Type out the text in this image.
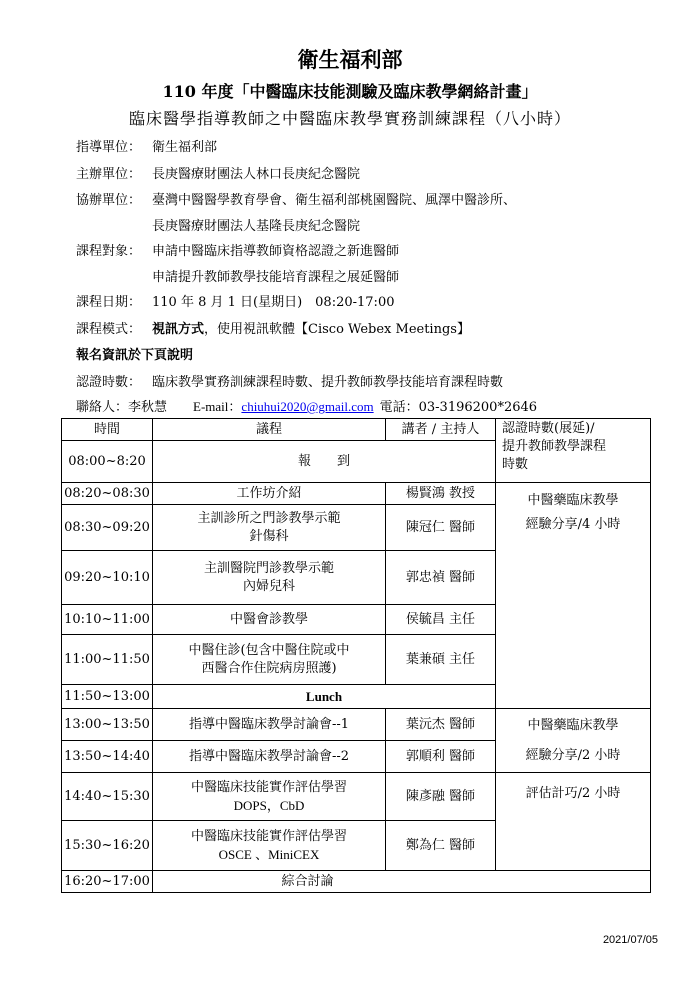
衛生福利部
110 年度「中醫臨床技能測驗及臨床教學網絡計畫」
臨床醫學指導教師之中醫臨床教學實務訓練課程（八小時）
指導單位： 衛生福利部
主辦單位： 長庚醫療財團法人林口長庚紀念醫院
協辦單位： 臺灣中醫醫學教育學會、衛生福利部桃園醫院、風澤中醫診所、
長庚醫療財團法人基隆長庚紀念醫院
課程對象： 申請中醫臨床指導教師資格認證之新進醫師
申請提升教師教學技能培育課程之展延醫師
課程日期： 110 年 8 月 1 日(星期日)　08:20-17:00
課程模式： 視訊方式，使用視訊軟體【Cisco Webex Meetings】
報名資訊於下頁說明
認證時數： 臨床教學實務訓練課程時數、提升教師教學技能培育課程時數
聯絡人：李秋慧 E-mail：chiuhui2020@gmail.com 電話：03-3196200*2646
時間	議程	講者 / 主持人	認證時數(展延)/
提升教師教學課程
時數	

08:00~8:20	報　　到			
08:20~08:30	工作坊介紹	楊賢鴻 教授	中醫藥臨床教學
經驗分享/4 小時	

08:30~09:20	主訓診所之門診教學示範
針傷科	陳冠仁 醫師		
09:20~10:10	主訓醫院門診教學示範
內婦兒科	郭忠禎 醫師		
10:10~11:00	中醫會診教學	侯毓昌 主任		
11:00~11:50	中醫住診(包含中醫住院或中
西醫合作住院病房照護)	葉兼碩 主任		
11:50~13:00	Lunch			
13:00~13:50	指導中醫臨床教學討論會--1	葉沅杰 醫師	中醫藥臨床教學
經驗分享/2 小時	

13:50~14:40	指導中醫臨床教學討論會--2	郭順利 醫師		
14:40~15:30	中醫臨床技能實作評估學習
DOPS，CbD	陳彥融 醫師	評估計巧/2 小時	
15:30~16:20	中醫臨床技能實作評估學習
OSCE 、MiniCEX	鄭為仁 醫師		
16:20~17:00	綜合討論			
2021/07/05
